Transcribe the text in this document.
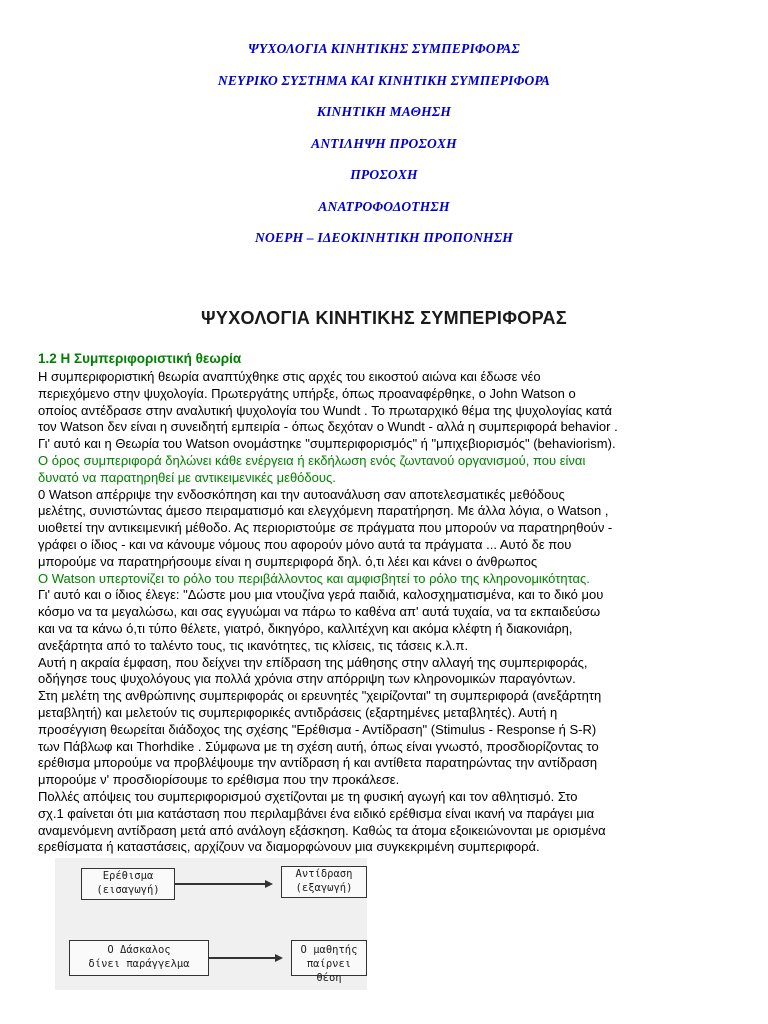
ΨΥΧΟΛΟΓΙΑ ΚΙΝΗΤΙΚΗΣ ΣΥΜΠΕΡΙΦΟΡΑΣ
ΝΕΥΡΙΚΟ ΣΥΣΤΗΜΑ ΚΑΙ ΚΙΝΗΤΙΚΗ ΣΥΜΠΕΡΙΦΟΡΑ
ΚΙΝΗΤΙΚΗ ΜΑΘΗΣΗ
ΑΝΤΙΛΗΨΗ ΠΡΟΣΟΧΗ
ΠΡΟΣΟΧΗ
ΑΝΑΤΡΟΦΟΔΟΤΗΣΗ
ΝΟΕΡΗ – ΙΔΕΟΚΙΝΗΤΙΚΗ ΠΡΟΠΟΝΗΣΗ
ΨΥΧΟΛΟΓΙΑ ΚΙΝΗΤΙΚΗΣ ΣΥΜΠΕΡΙΦΟΡΑΣ
1.2 Η Συμπεριφοριστική θεωρία
Η συμπεριφοριστική θεωρία αναπτύχθηκε στις αρχές του εικοστού αιώνα και έδωσε νέο
περιεχόμενο στην ψυχολογία. Πρωτεργάτης υπήρξε, όπως προαναφέρθηκε, ο John Watson ο
οποίος αντέδρασε στην αναλυτική ψυχολογία του Wundt . Το πρωταρχικό θέμα της ψυχολογίας κατά
τον Watson δεν είναι η συνειδητή εμπειρία - όπως δεχόταν ο Wundt - αλλά η συμπεριφορά behavior .
Γι' αυτό και η Θεωρία του Watson ονομάστηκε "συμπεριφορισμός" ή "μπιχεβιορισμός" (behaviorism).
Ο όρος συμπεριφορά δηλώνει κάθε ενέργεια ή εκδήλωση ενός ζωντανού οργανισμού, που είναι
δυνατό να παρατηρηθεί με αντικειμενικές μεθόδους.
0 Watson απέρριψε την ενδοσκόπηση και την αυτοανάλυση σαν αποτελεσματικές μεθόδους
μελέτης, συνιστώντας άμεσο πειραματισμό και ελεγχόμενη παρατήρηση. Με άλλα λόγια, ο Watson ,
υιοθετεί την αντικειμενική μέθοδο. Ας περιοριστούμε σε πράγματα που μπορούν να παρατηρηθούν -
γράφει ο ίδιος - και να κάνουμε νόμους που αφορούν μόνο αυτά τα πράγματα ... Αυτό δε που
μπορούμε να παρατηρήσουμε είναι η συμπεριφορά δηλ. ό,τι λέει και κάνει ο άνθρωπος
Ο Watson υπερτονίζει το ρόλο του περιβάλλοντος και αμφισβητεί το ρόλο της κληρονομικότητας.
Γι' αυτό και ο ίδιος έλεγε: "Δώστε μου μια ντουζίνα γερά παιδιά, καλοσχηματισμένα, και το δικό μου
κόσμο να τα μεγαλώσω, και σας εγγυώμαι να πάρω το καθένα απ' αυτά τυχαία, να τα εκπαιδεύσω
και να τα κάνω ό,τι τύπο θέλετε, γιατρό, δικηγόρο, καλλιτέχνη και ακόμα κλέφτη ή διακονιάρη,
ανεξάρτητα από το ταλέντο τους, τις ικανότητες, τις κλίσεις, τις τάσεις κ.λ.π.
Αυτή η ακραία έμφαση, που δείχνει την επίδραση της μάθησης στην αλλαγή της συμπεριφοράς,
οδήγησε τους ψυχολόγους για πολλά χρόνια στην απόρριψη των κληρονομικών παραγόντων.
Στη μελέτη της ανθρώπινης συμπεριφοράς οι ερευνητές "χειρίζονται" τη συμπεριφορά (ανεξάρτητη
μεταβλητή) και μελετούν τις συμπεριφορικές αντιδράσεις (εξαρτημένες μεταβλητές). Αυτή η
προσέγγιση θεωρείται διάδοχος της σχέσης "Ερέθισμα - Αντίδραση" (Stimulus - Response ή S-R)
των Πάβλωφ και Thorhdike . Σύμφωνα με τη σχέση αυτή, όπως είναι γνωστό, προσδιορίζοντας το
ερέθισμα μπορούμε να προβλέψουμε την αντίδραση ή και αντίθετα παρατηρώντας την αντίδραση
μπορούμε ν' προσδιορίσουμε το ερέθισμα που την προκάλεσε.
Πολλές απόψεις του συμπεριφορισμού σχετίζονται με τη φυσική αγωγή και τον αθλητισμό. Στο
σχ.1 φαίνεται ότι μια κατάσταση που περιλαμβάνει ένα ειδικό ερέθισμα είναι ικανή να παράγει μια
αναμενόμενη αντίδραση μετά από ανάλογη εξάσκηση. Καθώς τα άτομα εξοικειώνονται με ορισμένα
ερεθίσματα ή καταστάσεις, αρχίζουν να διαμορφώνουν μια συγκεκριμένη συμπεριφορά.
Ερέθισμα
(εισαγωγή)
Αντίδραση
(εξαγωγή)
Ο Δάσκαλος
δίνει παράγγελμα
Ο μαθητής
παίρνει θέση
